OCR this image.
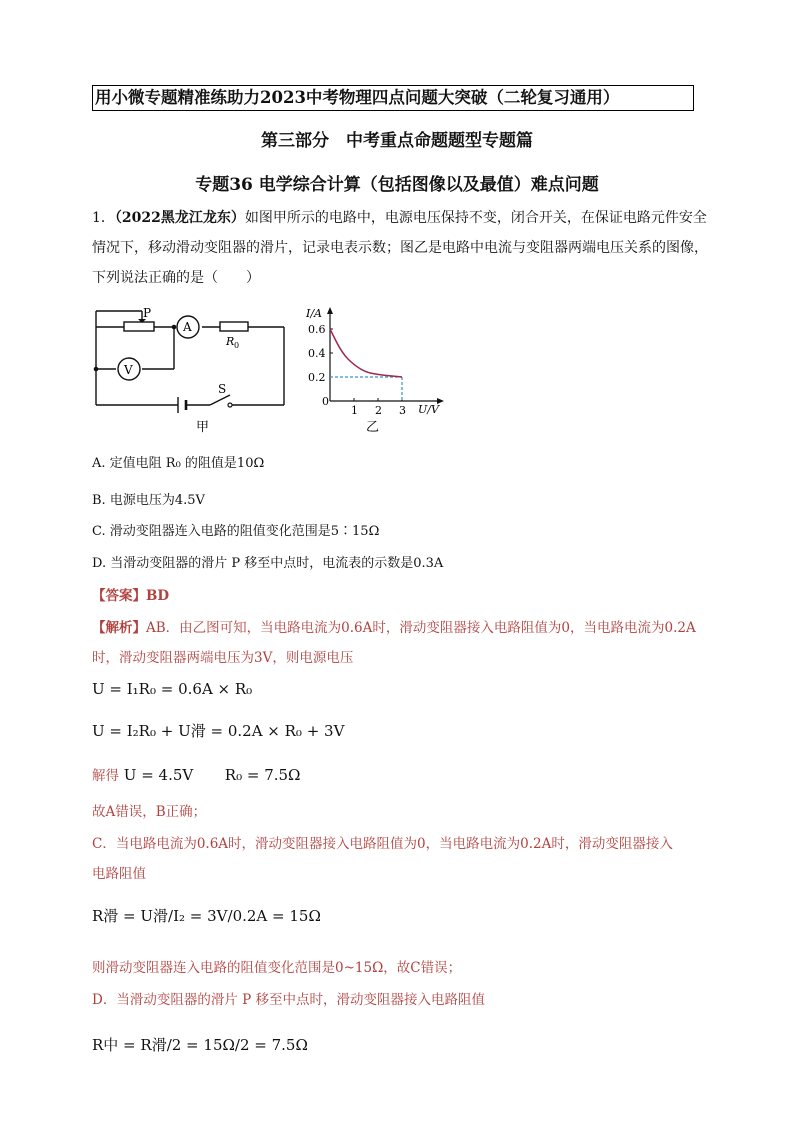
用小微专题精准练助力2023中考物理四点问题大突破（二轮复习通用）
第三部分　中考重点命题题型专题篇
专题36 电学综合计算（包括图像以及最值）难点问题
1．（2022黑龙江龙东）如图甲所示的电路中，电源电压保持不变，闭合开关，在保证电路元件安全情况下，移动滑动变阻器的滑片，记录电表示数；图乙是电路中电流与变阻器两端电压关系的图像，下列说法正确的是（　　）
P
A
V
R 0
S
甲
1 2 3
0.6
0.4
0.2
I/A
U/V
0
乙
A. 定值电阻 R₀ 的阻值是10Ω
B. 电源电压为4.5V
C. 滑动变阻器连入电路的阻值变化范围是5∶15Ω
D. 当滑动变阻器的滑片 P 移至中点时，电流表的示数是0.3A
【答案】BD
【解析】AB．由乙图可知，当电路电流为0.6A时，滑动变阻器接入电路阻值为0，当电路电流为0.2A
时，滑动变阻器两端电压为3V，则电源电压
U = I₁R₀ = 0.6A × R₀
U = I₂R₀ + U滑 = 0.2A × R₀ + 3V
解得 U = 4.5V R₀ = 7.5Ω
故A错误，B正确；
C．当电路电流为0.6A时，滑动变阻器接入电路阻值为0，当电路电流为0.2A时，滑动变阻器接入
电路阻值
R滑 = U滑/I₂ = 3V/0.2A = 15Ω
则滑动变阻器连入电路的阻值变化范围是0~15Ω，故C错误；
D．当滑动变阻器的滑片 P 移至中点时，滑动变阻器接入电路阻值
R中 = R滑/2 = 15Ω/2 = 7.5Ω
